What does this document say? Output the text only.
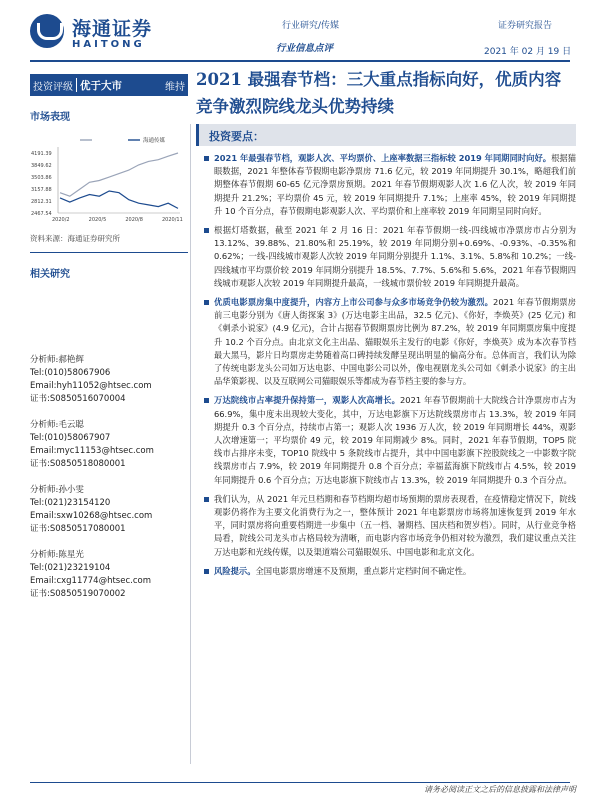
海通证券
HAITONG
行业研究/传媒
行业信息点评
证券研究报告
2021 年 02 月 19 日
投资评级 优于大市	维持
市场表现
4191.39
3849.62
3503.86
3157.88
2812.31
2467.54
2020/2	2020/5	2020/8	2020/11
海通传媒
资料来源：海通证券研究所
相关研究
分析师:郝艳辉
Tel:(010)58067906
Email:hyh11052@htsec.com
证书:S0850516070004
分析师:毛云聪
Tel:(010)58067907
Email:myc11153@htsec.com
证书:S0850518080001
分析师:孙小雯
Tel:(021)23154120
Email:sxw10268@htsec.com
证书:S0850517080001
分析师:陈星光
Tel:(021)23219104
Email:cxg11774@htsec.com
证书:S0850519070002
2021 最强春节档：三大重点指标向好，优质内容竞争激烈院线龙头优势持续
投资要点：
2021 年最强春节档，观影人次、平均票价、上座率数据三指标较 2019 年同期同时向好。根据猫眼数据，2021 年整体春节假期电影净票房 71.6 亿元，较 2019 年同期提升 30.1%，略超我们前期整体春节假期 60-65 亿元净票房预期。2021 年春节假期观影人次 1.6 亿人次，较 2019 年同期提升 21.2%；平均票价 45 元，较 2019 年同期提升 7.1%；上座率 45%，较 2019 年同期提升 10 个百分点，春节假期电影观影人次、平均票价和上座率较 2019 年同期呈同时向好。
根据灯塔数据，截至 2021 年 2 月 16 日：2021 年春节假期一线-四线城市净票房市占分别为 13.12%、39.88%、21.80%和 25.19%，较 2019 年同期分别+0.69%、-0.93%、-0.35%和 0.62%；一线-四线城市观影人次较 2019 年同期分别提升 1.1%、3.1%、5.8%和 10.2%；一线-四线城市平均票价较 2019 年同期分别提升 18.5%、7.7%、5.6%和 5.6%，2021 年春节假期四线城市观影人次较 2019 年同期提升最高，一线城市票价较 2019 年同期提升最高。
优质电影票房集中度提升，内容方上市公司参与众多市场竞争仍较为激烈。2021 年春节假期票房前三电影分别为《唐人街探案 3》(万达电影主出品，32.5 亿元)、《你好，李焕英》(25 亿元) 和《刺杀小说家》(4.9 亿元)，合计占据春节假期票房比例为 87.2%，较 2019 年同期票房集中度提升 10.2 个百分点。由北京文化主出品、猫眼娱乐主发行的电影《你好，李焕英》成为本次春节档最大黑马，影片日均票房走势随着高口碑持续发酵呈现出明显的偏高分布。总体而言，我们认为除了传统电影龙头公司如万达电影、中国电影公司以外，像电视剧龙头公司如《刺杀小说家》的主出品华策影视、以及互联网公司猫眼娱乐等都成为春节档主要的参与方。
万达院线市占率提升保持第一，观影人次高增长。2021 年春节假期前十大院线合计净票房市占为 66.9%，集中度未出现较大变化，其中，万达电影旗下万达院线票房市占 13.3%，较 2019 年同期提升 0.3 个百分点，持续市占第一；观影人次 1936 万人次，较 2019 年同期增长 44%，观影人次增速第一；平均票价 49 元，较 2019 年同期减少 8%。同时，2021 年春节假期，TOP5 院线市占排序未变，TOP10 院线中 5 条院线市占提升，其中中国电影旗下控股院线之一中影数字院线票房市占 7.9%，较 2019 年同期提升 0.8 个百分点；幸福蓝海旗下院线市占 4.5%，较 2019 年同期提升 0.6 个百分点；万达电影旗下院线市占 13.3%，较 2019 年同期提升 0.3 个百分点。
我们认为，从 2021 年元旦档期和春节档期均超市场预期的票房表现看，在疫情稳定情况下，院线观影仍将作为主要文化消费行为之一，整体预计 2021 年电影票房市场将加速恢复到 2019 年水平，同时票房将向重要档期进一步集中（五一档、暑期档、国庆档和贺岁档）。同时，从行业竞争格局看，院线公司龙头市占格局较为清晰，而电影内容市场竞争仍相对较为激烈，我们建议重点关注万达电影和光线传媒，以及渠道端公司猫眼娱乐、中国电影和北京文化。
风险提示。全国电影票房增速不及预期，重点影片定档时间不确定性。
请务必阅读正文之后的信息披露和法律声明
